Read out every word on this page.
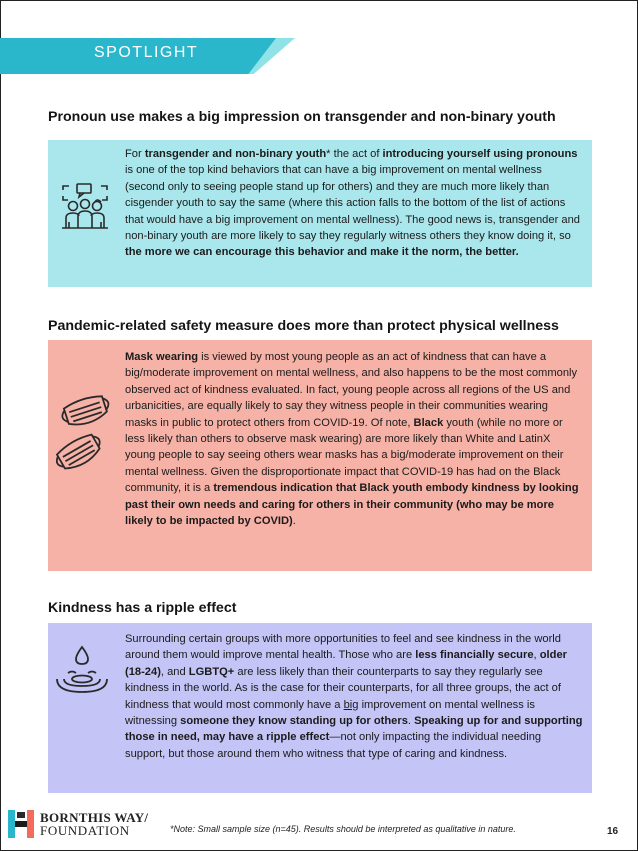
SPOTLIGHT
Pronoun use makes a big impression on transgender and non-binary youth

For transgender and non-binary youth* the act of introducing yourself using pronouns is one of the top kind behaviors that can have a big improvement on mental wellness (second only to seeing people stand up for others) and they are much more likely than cisgender youth to say the same (where this action falls to the bottom of the list of actions that would have a big improvement on mental wellness). The good news is, transgender and non-binary youth are more likely to say they regularly witness others they know doing it, so the more we can encourage this behavior and make it the norm, the better.

Pandemic-related safety measure does more than protect physical wellness

Mask wearing is viewed by most young people as an act of kindness that can have a big/moderate improvement on mental wellness, and also happens to be the most commonly observed act of kindness evaluated. In fact, young people across all regions of the US and urbanicities, are equally likely to say they witness people in their communities wearing masks in public to protect others from COVID-19. Of note, Black youth (while no more or less likely than others to observe mask wearing) are more likely than White and LatinX young people to say seeing others wear masks has a big/moderate improvement on their mental wellness. Given the disproportionate impact that COVID-19 has had on the Black community, it is a tremendous indication that Black youth embody kindness by looking past their own needs and caring for others in their community (who may be more likely to be impacted by COVID).

Kindness has a ripple effect

Surrounding certain groups with more opportunities to feel and see kindness in the world around them would improve mental health. Those who are less financially secure, older (18-24), and LGBTQ+ are less likely than their counterparts to say they regularly see kindness in the world. As is the case for their counterparts, for all three groups, the act of kindness that would most commonly have a big improvement on mental wellness is witnessing someone they know standing up for others. Speaking up for and supporting those in need, may have a ripple effect—not only impacting the individual needing support, but those around them who witness that type of caring and kindness.

BORNTHIS WAY/
FOUNDATION	*Note: Small sample size (n=45). Results should be interpreted as qualitative in nature.	16
